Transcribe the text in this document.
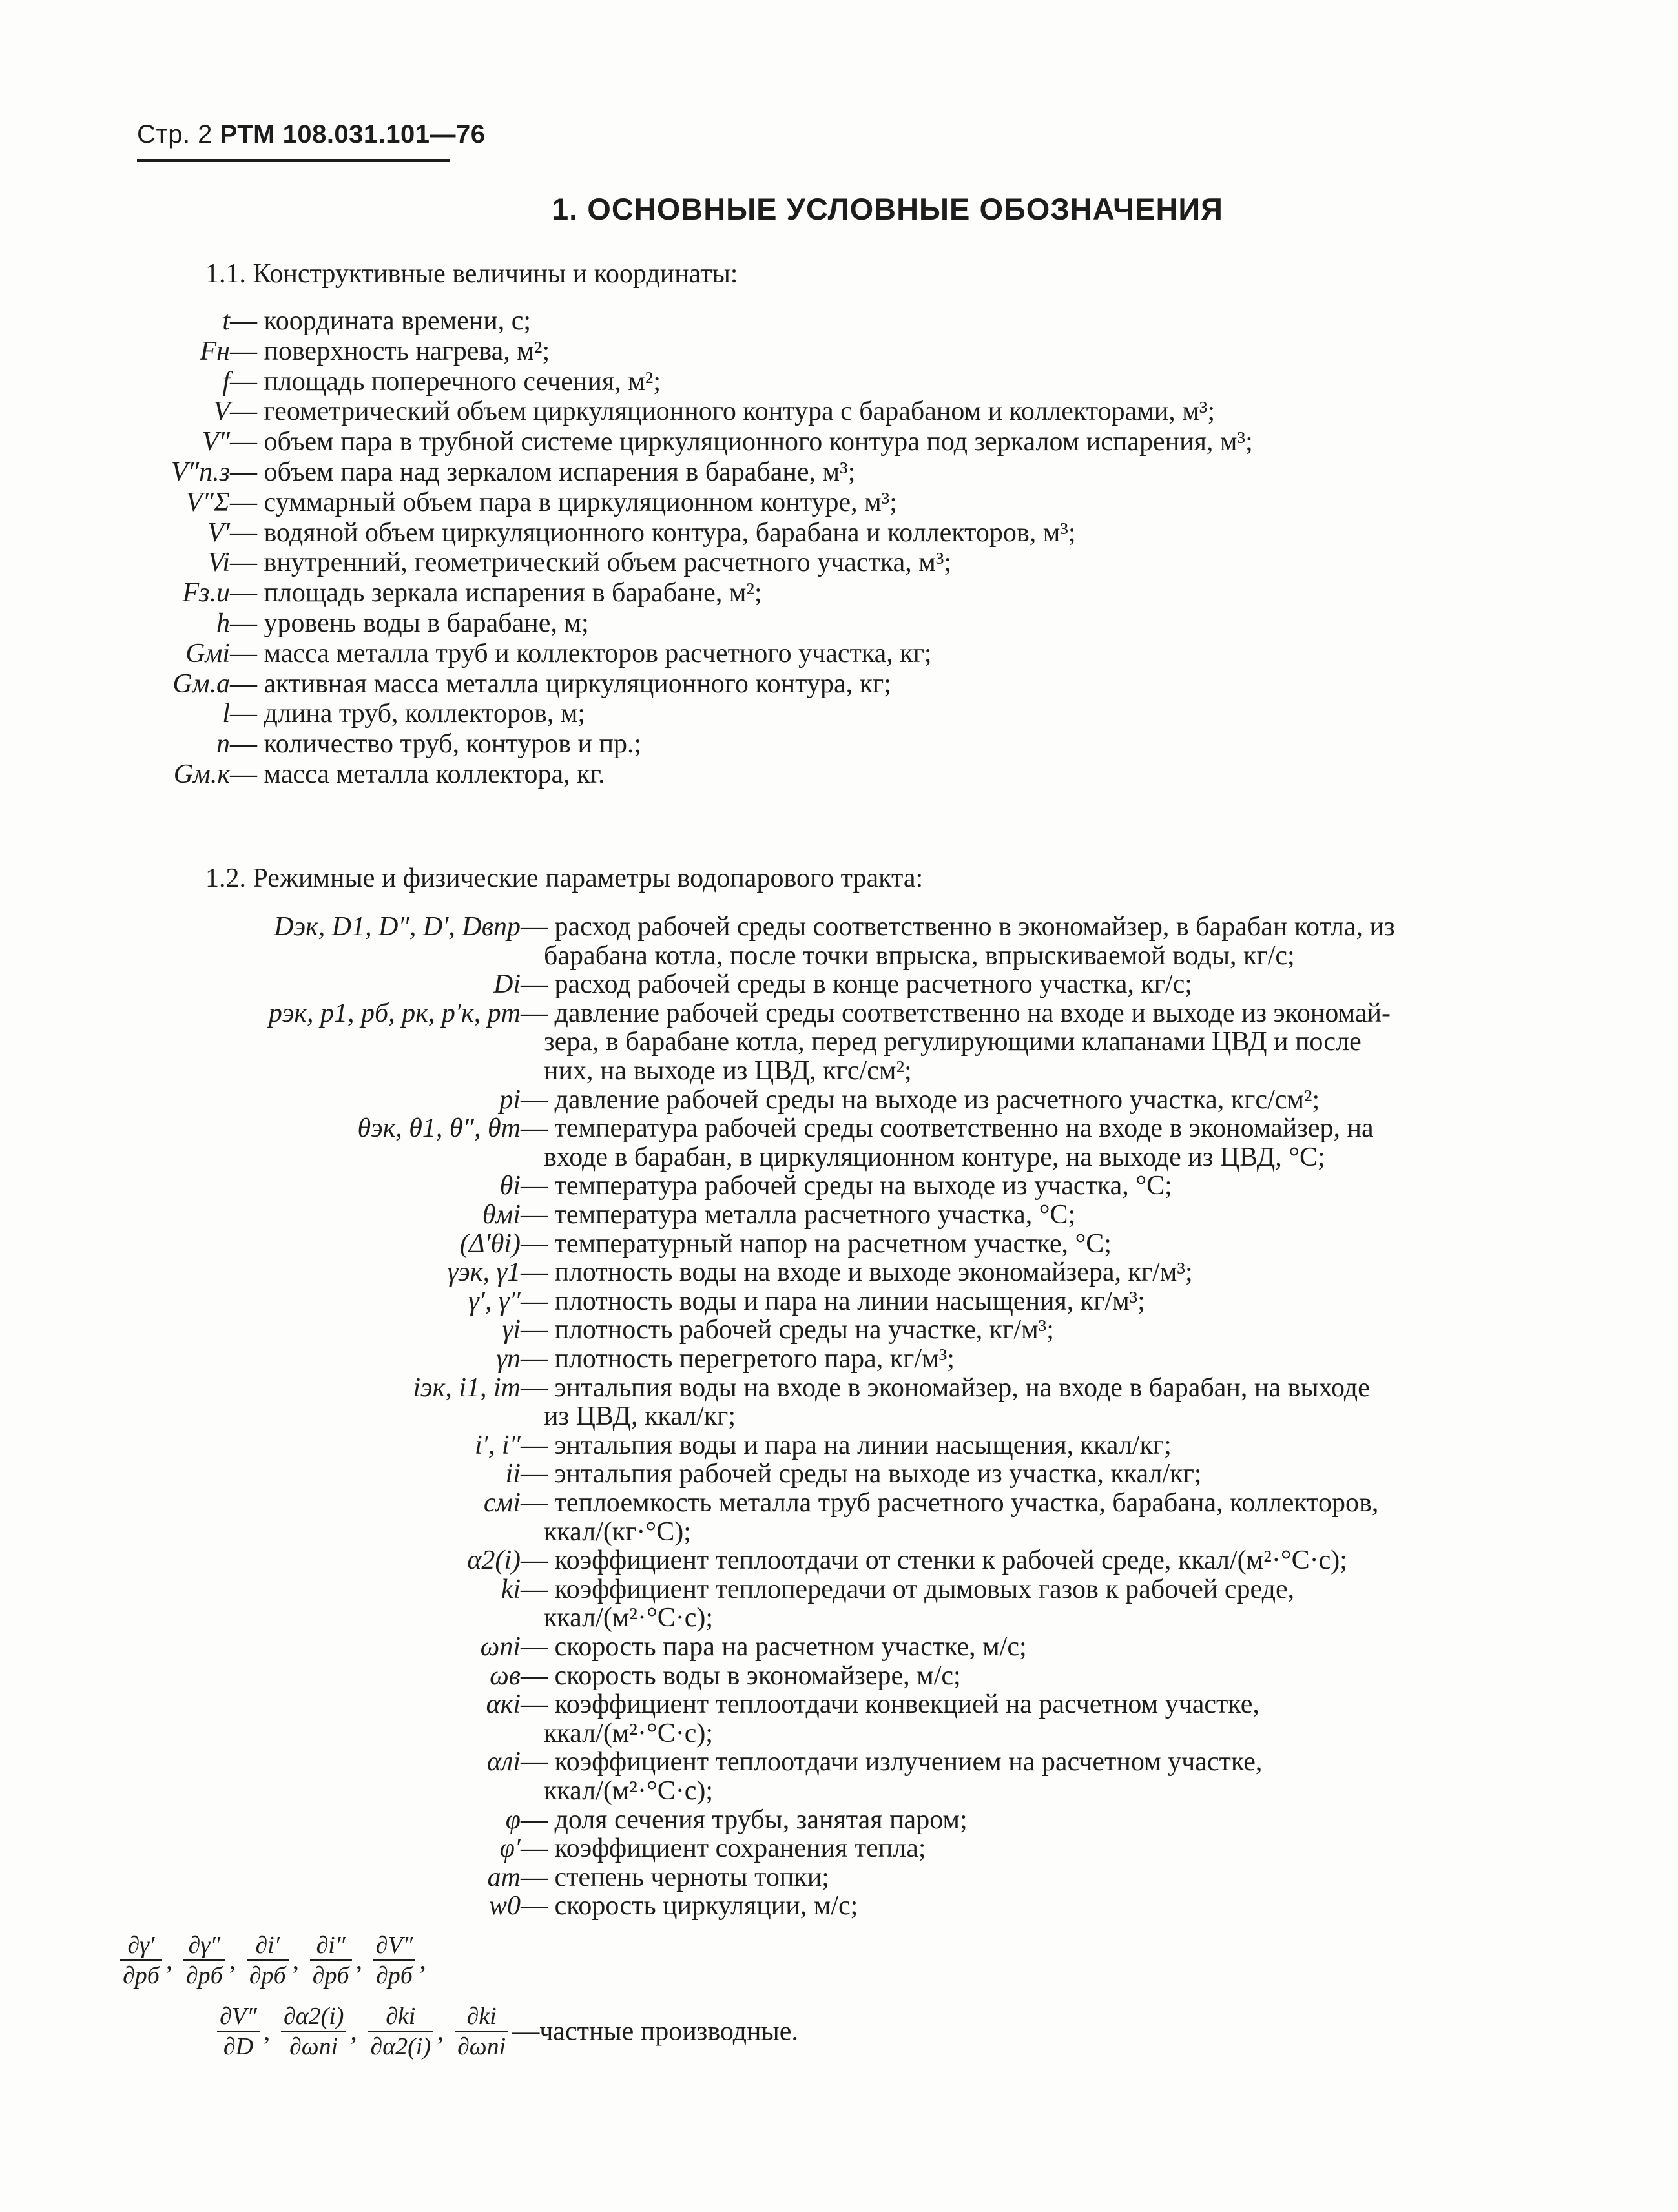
Стр. 2 РТМ 108.031.101—76
1. ОСНОВНЫЕ УСЛОВНЫЕ ОБОЗНАЧЕНИЯ
1.1. Конструктивные величины и координаты:
t	— координата времени, с;
Fн	— поверхность нагрева, м²;
f	— площадь поперечного сечения, м²;
V	— геометрический объем циркуляционного контура с барабаном и коллекторами, м³;
V″	— объем пара в трубной системе циркуляционного контура под зеркалом испарения, м³;
V″п.з	— объем пара над зеркалом испарения в барабане, м³;
V″Σ	— суммарный объем пара в циркуляционном контуре, м³;
V′	— водяной объем циркуляционного контура, барабана и коллекторов, м³;
Vi	— внутренний, геометрический объем расчетного участка, м³;
Fз.и	— площадь зеркала испарения в барабане, м²;
h	— уровень воды в барабане, м;
Gмi	— масса металла труб и коллекторов расчетного участка, кг;
Gм.а	— активная масса металла циркуляционного контура, кг;
l	— длина труб, коллекторов, м;
n	— количество труб, контуров и пр.;
Gм.к	— масса металла коллектора, кг.
1.2. Режимные и физические параметры водопарового тракта:
Dэк, D1, D″, D′, Dвпр	— расход рабочей среды соответственно в экономайзер, в барабан котла, из
барабана котла, после точки впрыска, впрыскиваемой воды, кг/с;
Di	— расход рабочей среды в конце расчетного участка, кг/с;
pэк, p1, pб, pк, p′к, pт	— давление рабочей среды соответственно на входе и выходе из экономай-
зера, в барабане котла, перед регулирующими клапанами ЦВД и после
них, на выходе из ЦВД, кгс/см²;
pi	— давление рабочей среды на выходе из расчетного участка, кгс/см²;
θэк, θ1, θ″, θт	— температура рабочей среды соответственно на входе в экономайзер, на
входе в барабан, в циркуляционном контуре, на выходе из ЦВД, °С;
θi	— температура рабочей среды на выходе из участка, °С;
θмi	— температура металла расчетного участка, °С;
(Δ′θi)	— температурный напор на расчетном участке, °С;
γэк, γ1	— плотность воды на входе и выходе экономайзера, кг/м³;
γ′, γ″	— плотность воды и пара на линии насыщения, кг/м³;
γi	— плотность рабочей среды на участке, кг/м³;
γп	— плотность перегретого пара, кг/м³;
iэк, i1, iт	— энтальпия воды на входе в экономайзер, на входе в барабан, на выходе
из ЦВД, ккал/кг;
i′, i″	— энтальпия воды и пара на линии насыщения, ккал/кг;
ii	— энтальпия рабочей среды на выходе из участка, ккал/кг;
cмi	— теплоемкость металла труб расчетного участка, барабана, коллекторов,
ккал/(кг·°С);
α2(i)	— коэффициент теплоотдачи от стенки к рабочей среде, ккал/(м²·°С·с);
ki	— коэффициент теплопередачи от дымовых газов к рабочей среде,
ккал/(м²·°С·с);
ωпi	— скорость пара на расчетном участке, м/с;
ωв	— скорость воды в экономайзере, м/с;
αкi	— коэффициент теплоотдачи конвекцией на расчетном участке,
ккал/(м²·°С·с);
αлi	— коэффициент теплоотдачи излучением на расчетном участке,
ккал/(м²·°С·с);
φ	— доля сечения трубы, занятая паром;
φ′	— коэффициент сохранения тепла;
aт	— степень черноты топки;
w0	— скорость циркуляции, м/с;
$\frac{\partial\gamma'}{\partial pб}$ , $\frac{\partial\gamma''}{\partial pб}$ , $\frac{\partial i'}{\partial pб}$ , $\frac{\partial i''}{\partial pб}$ , $\frac{\partial V''}{\partial pб}$ ,
$\frac{\partial V''}{\partial D}$ , $\frac{\partial\alpha 2(i)}{\text{∂ωпi}}$ , $\frac{\partial ki}{\partial\alpha 2(i)}$ , $\frac{\partial ki}{\text{∂ωпi}}$ —частные производные.
